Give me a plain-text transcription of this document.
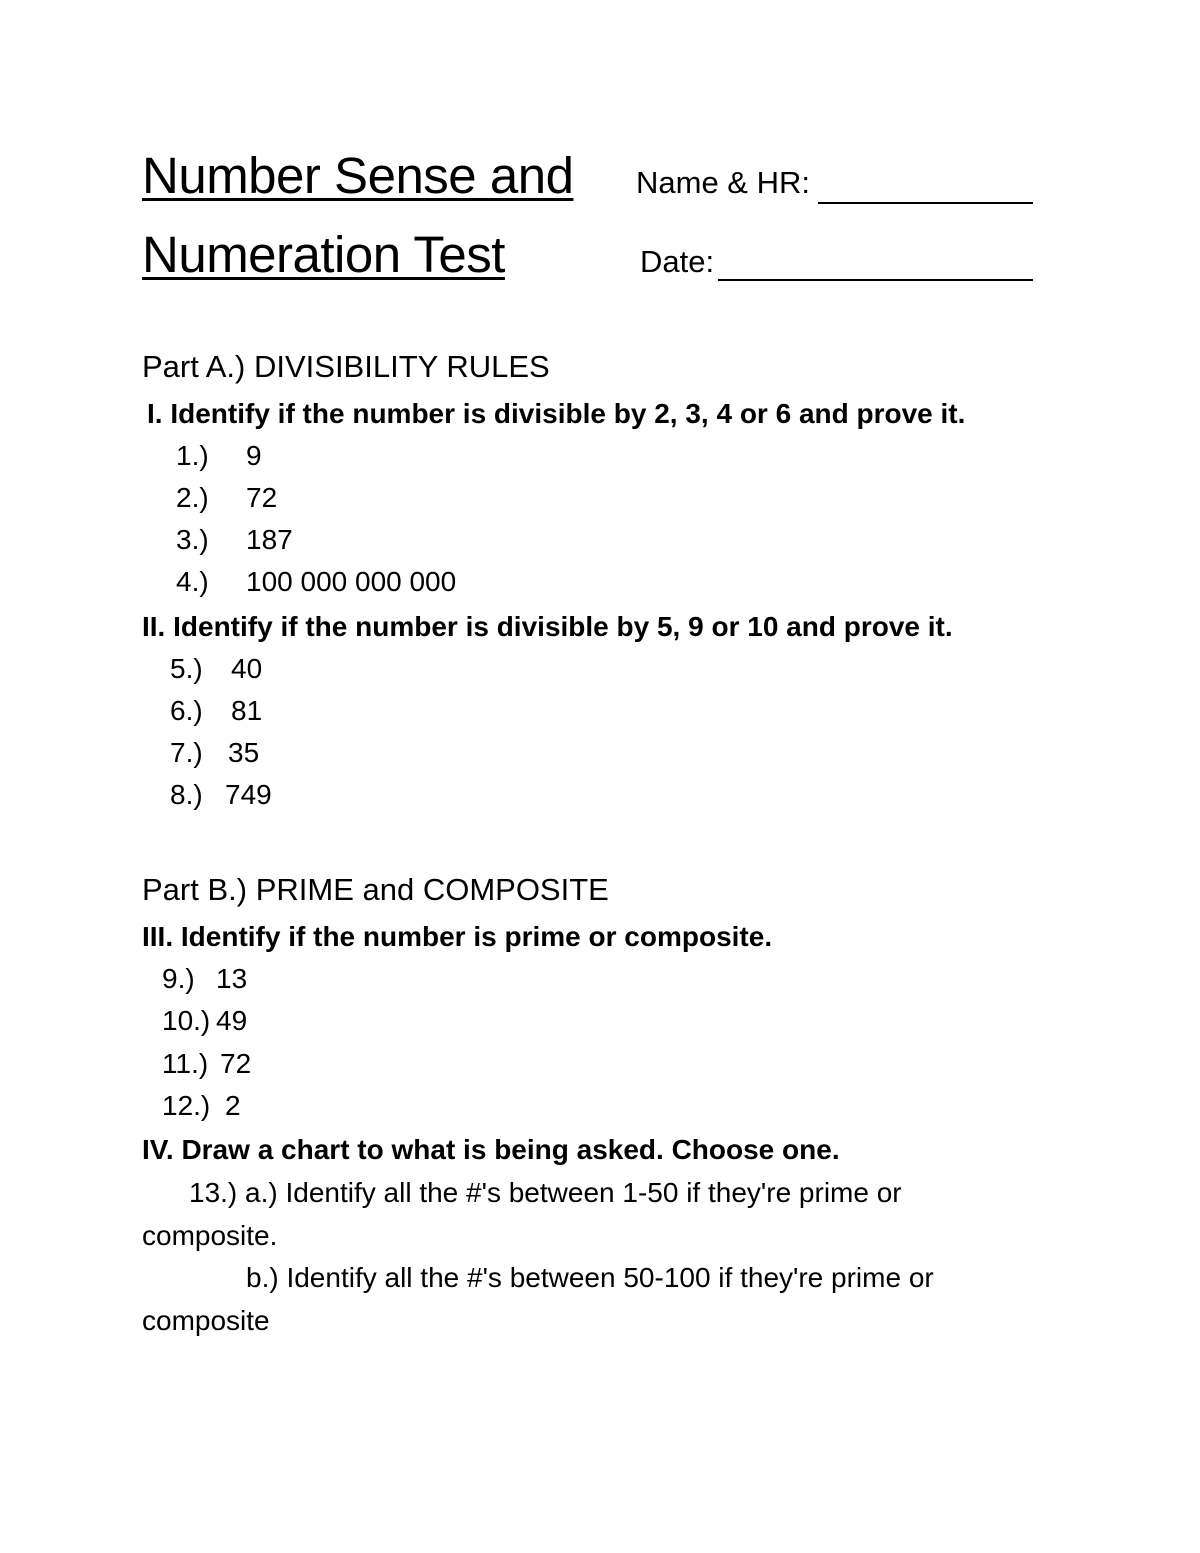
Number Sense and
Numeration Test
Name & HR:
Date:
Part A.) DIVISIBILITY RULES
I. Identify if the number is divisible by 2, 3, 4 or 6 and prove it.
1.) 9
2.) 72
3.) 187
4.) 100 000 000 000
II. Identify if the number is divisible by 5, 9 or 10 and prove it.
5.) 40
6.) 81
7.) 35
8.) 749
Part B.) PRIME and COMPOSITE
III. Identify if the number is prime or composite.
9.) 13
10.) 49
11.) 72
12.) 2
IV. Draw a chart to what is being asked. Choose one.
13.) a.) Identify all the #'s between 1-50 if they're prime or
composite.
b.) Identify all the #'s between 50-100 if they're prime or
composite
